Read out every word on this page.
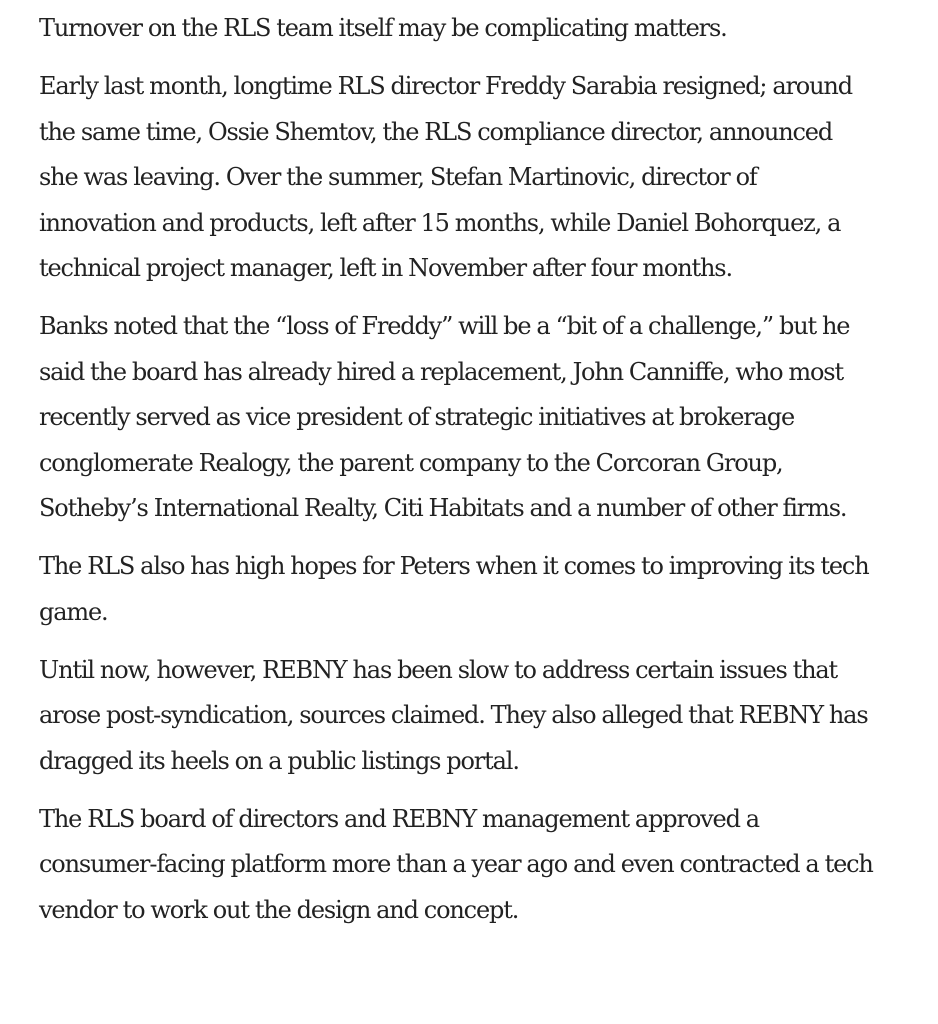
Turnover on the RLS team itself may be complicating matters.

Early last month, longtime RLS director Freddy Sarabia resigned; around the same time, Ossie Shemtov, the RLS compliance director, announced she was leaving. Over the summer, Stefan Martinovic, director of innovation and products, left after 15 months, while Daniel Bohorquez, a technical project manager, left in November after four months.

Banks noted that the “loss of Freddy” will be a “bit of a challenge,” but he said the board has already hired a replacement, John Canniffe, who most recently served as vice president of strategic initiatives at brokerage conglomerate Realogy, the parent company to the Corcoran Group, Sotheby’s International Realty, Citi Habitats and a number of other firms.

The RLS also has high hopes for Peters when it comes to improving its tech game.

Until now, however, REBNY has been slow to address certain issues that arose post-syndication, sources claimed. They also alleged that REBNY has dragged its heels on a public listings portal.

The RLS board of directors and REBNY management approved a consumer-facing platform more than a year ago and even contracted a tech vendor to work out the design and concept.
